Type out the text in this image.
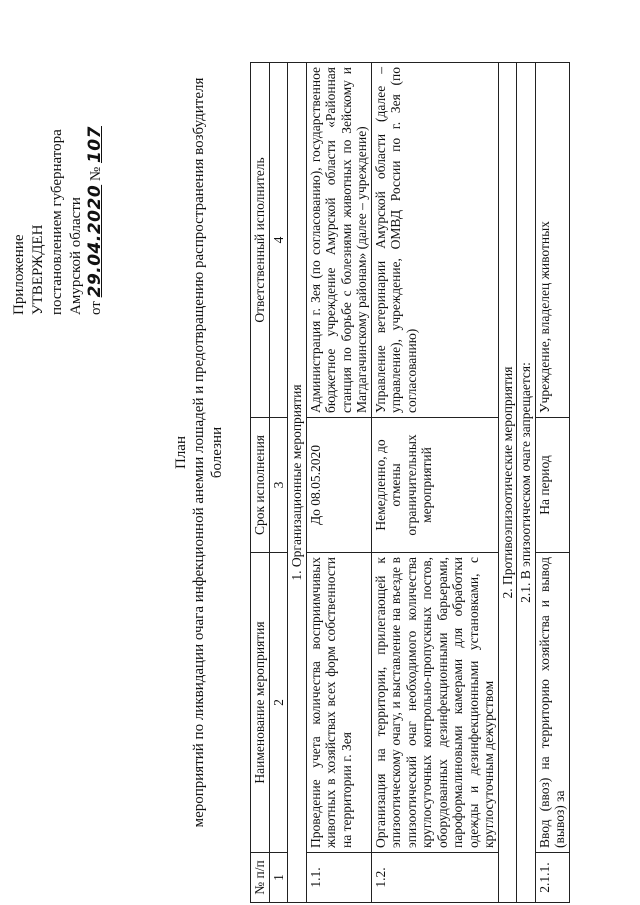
Приложение УТВЕРЖДЕН постановлением губернатора Амурской области от 29.04.2020 № 107
План мероприятий по ликвидации очага инфекционной анемии лошадей и предотвращению распространения возбудителя болезни
№ п/п	Наименование мероприятия	Срок исполнения	Ответственный исполнитель
1	2	3	4
1. Организационные мероприятия			
1.1.	Проведение учета количества восприимчивых животных в хозяйствах всех форм собственности на территории г. Зея	До 08.05.2020	Администрация г. Зея (по согласованию), государственное бюджетное учреждение Амурской области «Районная станция по борьбе с болезнями животных по Зейскому и Магдагачинскому районам» (далее – учреждение)
1.2.	Организация на территории, прилегающей к эпизоотическому очагу, и выставление на въезде в эпизоотический очаг необходимого количества круглосуточных контрольно-пропускных постов, оборудованных дезинфекционными барьерами, пароформалиновыми камерами для обработки одежды и дезинфекционными установками, с круглосуточным дежурством	Немедленно, до отмены ограничительных мероприятий	Управление ветеринарии Амурской области (далее – управление), учреждение, ОМВД России по г. Зея (по согласованию)
2. Противоэпизоотические мероприятия			
2.1. В эпизоотическом очаге запрещается:			
2.1.1.	Ввод (ввоз) на территорию хозяйства и вывод (вывоз) за	На период	Учреждение, владелец животных
